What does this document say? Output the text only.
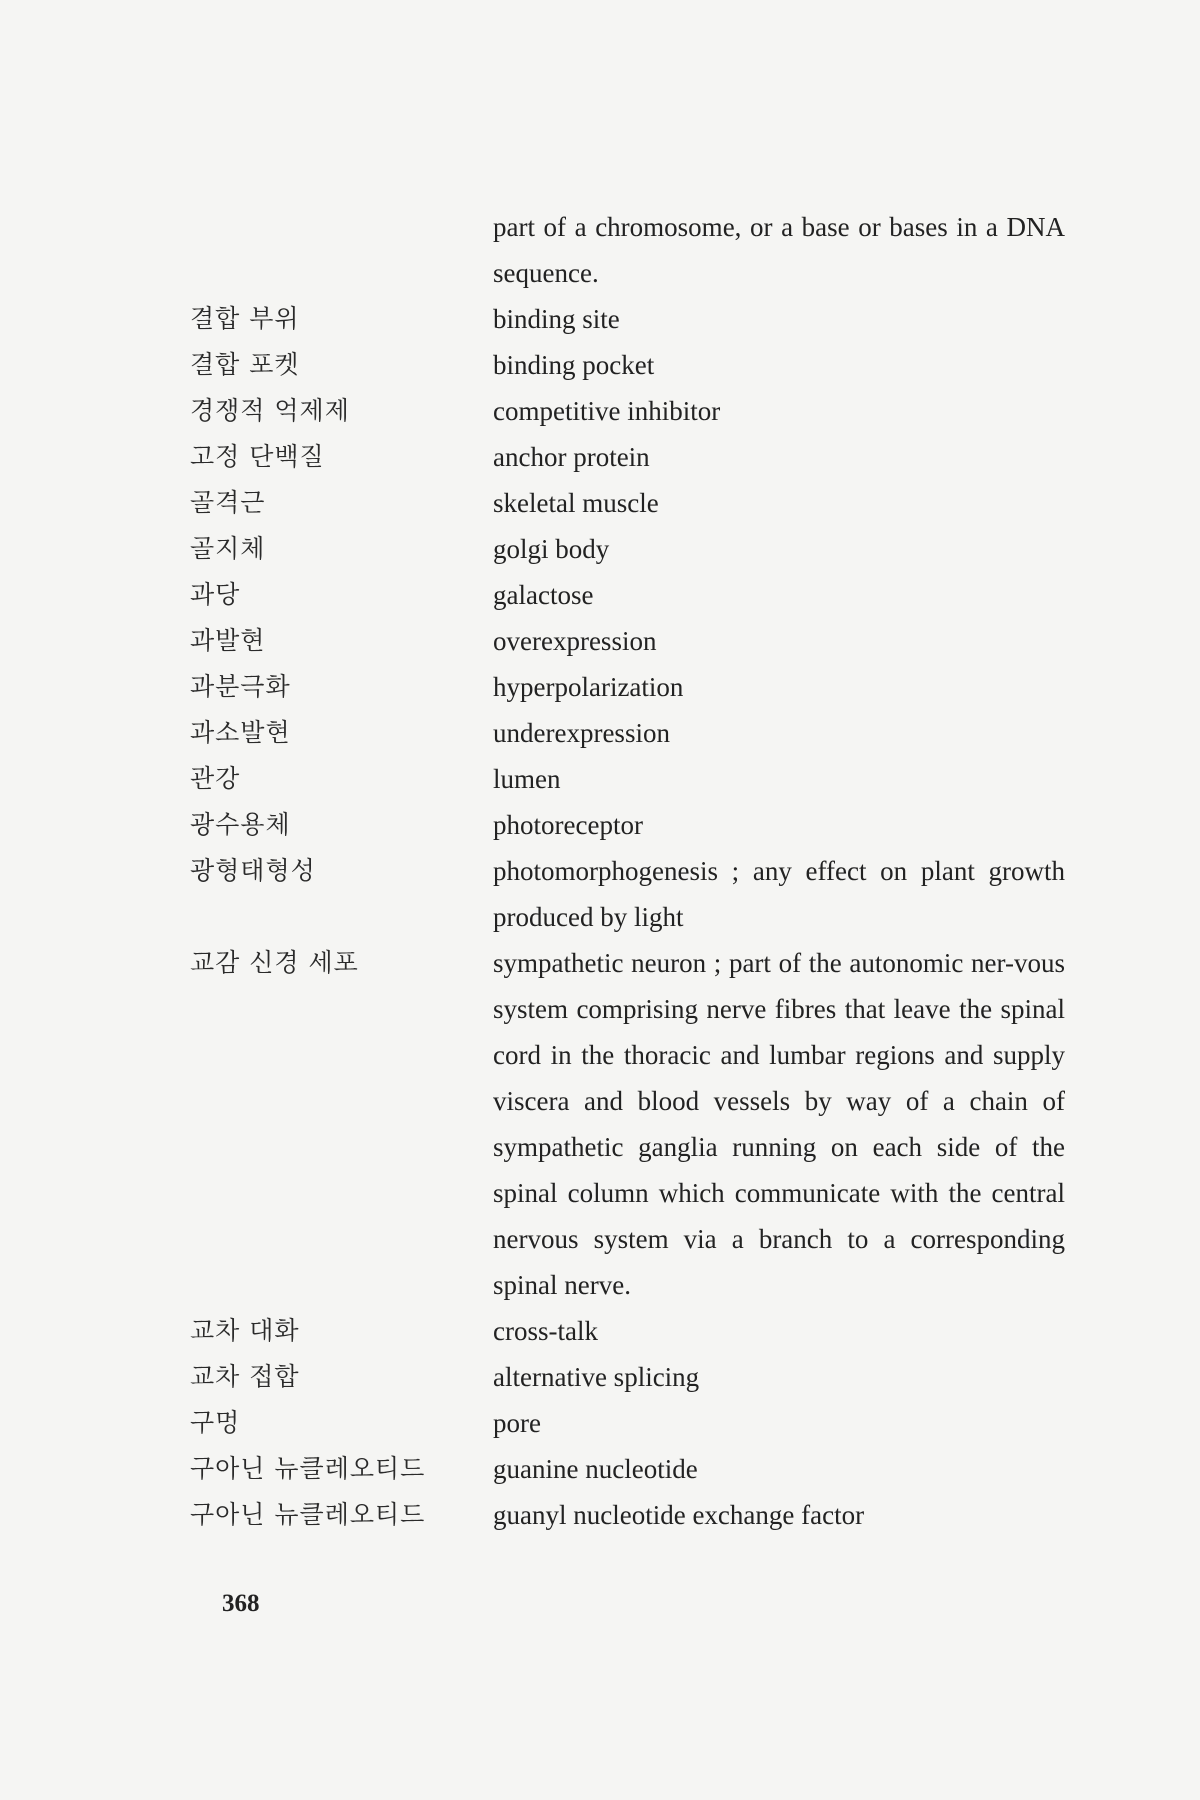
part of a chromosome, or a base or bases in a DNA sequence.
결합 부위	binding site
결합 포켓	binding pocket
경쟁적 억제제	competitive inhibitor
고정 단백질	anchor protein
골격근	skeletal muscle
골지체	golgi body
과당	galactose
과발현	overexpression
과분극화	hyperpolarization
과소발현	underexpression
관강	lumen
광수용체	photoreceptor
광형태형성	photomorphogenesis ; any effect on plant growth produced by light
교감 신경 세포	sympathetic neuron ; part of the autonomic ner-vous system comprising nerve fibres that leave the spinal cord in the thoracic and lumbar regions and supply viscera and blood vessels by way of a chain of sympathetic ganglia running on each side of the spinal column which communicate with the central nervous system via a branch to a corresponding spinal nerve.
교차 대화	cross-talk
교차 접합	alternative splicing
구멍	pore
구아닌 뉴클레오티드	guanine nucleotide
구아닌 뉴클레오티드	guanyl nucleotide exchange factor
368
